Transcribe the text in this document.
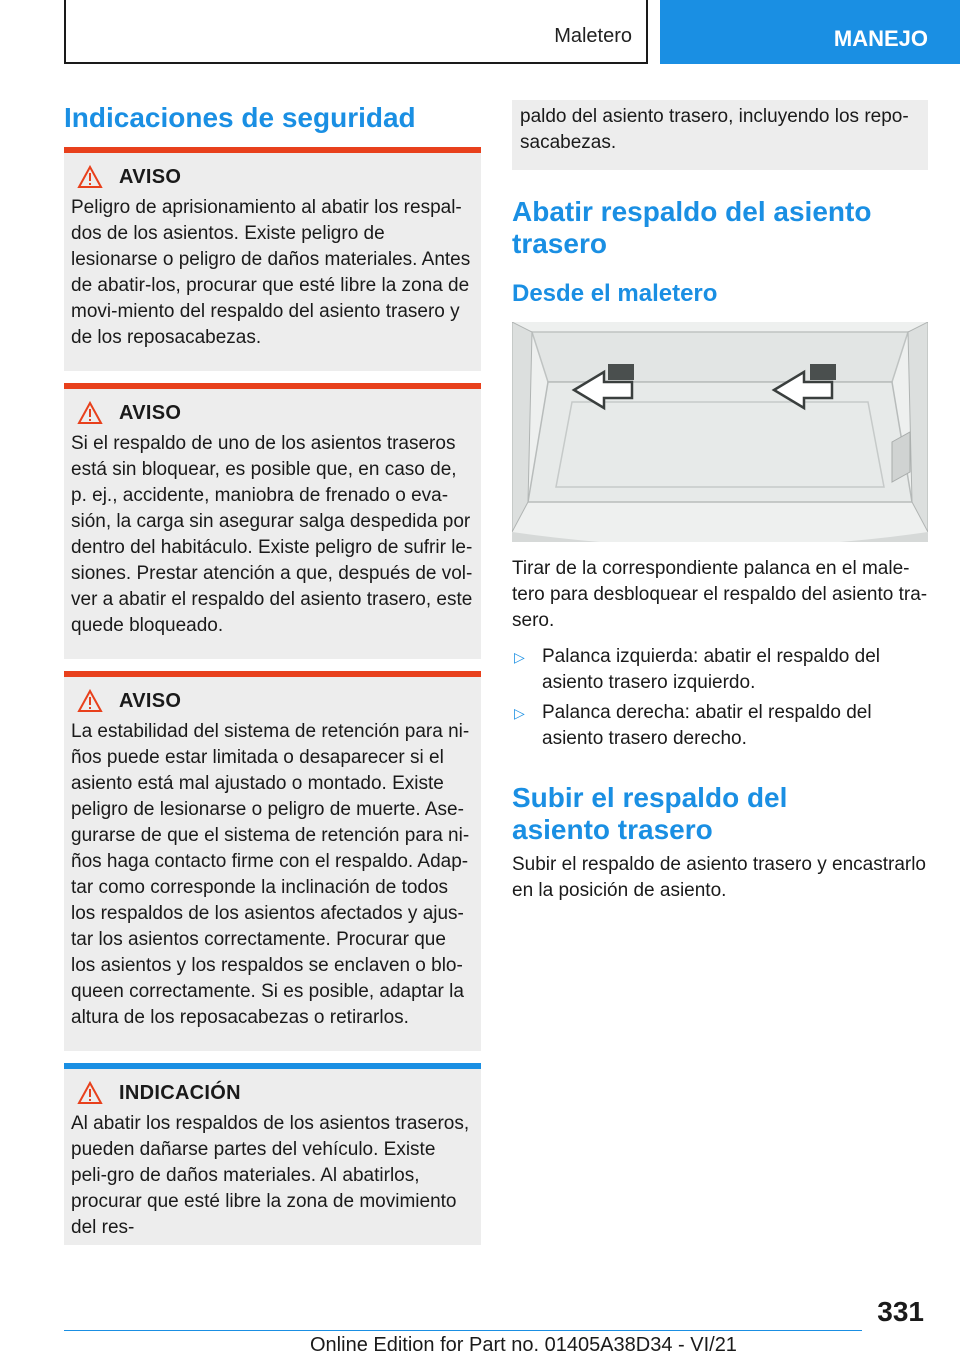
Maletero	MANEJO
Indicaciones de seguridad
AVISO

Peligro de aprisionamiento al abatir los respal-dos de los asientos. Existe peligro de lesionarse o peligro de daños materiales. Antes de abatir-los, procurar que esté libre la zona de movi-miento del respaldo del asiento trasero y de los reposacabezas.

AVISO

Si el respaldo de uno de los asientos traseros está sin bloquear, es posible que, en caso de, p. ej., accidente, maniobra de frenado o eva-sión, la carga sin asegurar salga despedida por dentro del habitáculo. Existe peligro de sufrir le-siones. Prestar atención a que, después de vol-ver a abatir el respaldo del asiento trasero, este quede bloqueado.

AVISO

La estabilidad del sistema de retención para ni-ños puede estar limitada o desaparecer si el asiento está mal ajustado o montado. Existe peligro de lesionarse o peligro de muerte. Ase-gurarse de que el sistema de retención para ni-ños haga contacto firme con el respaldo. Adap-tar como corresponde la inclinación de todos los respaldos de los asientos afectados y ajus-tar los asientos correctamente. Procurar que los asientos y los respaldos se enclaven o blo-queen correctamente. Si es posible, adaptar la altura de los reposacabezas o retirarlos.

INDICACIÓN

Al abatir los respaldos de los asientos traseros, pueden dañarse partes del vehículo. Existe peli-gro de daños materiales. Al abatirlos, procurar que esté libre la zona de movimiento del res-

paldo del asiento trasero, incluyendo los repo-sacabezas.
Abatir respaldo del asiento trasero
Desde el maletero

Tirar de la correspondiente palanca en el male-tero para desbloquear el respaldo del asiento tra-sero.

▷ Palanca izquierda: abatir el respaldo del asiento trasero izquierdo.
▷ Palanca derecha: abatir el respaldo del asiento trasero derecho.
Subir el respaldo del asiento trasero

Subir el respaldo de asiento trasero y encastrarlo en la posición de asiento.

331
Online Edition for Part no. 01405A38D34 - VI/21
